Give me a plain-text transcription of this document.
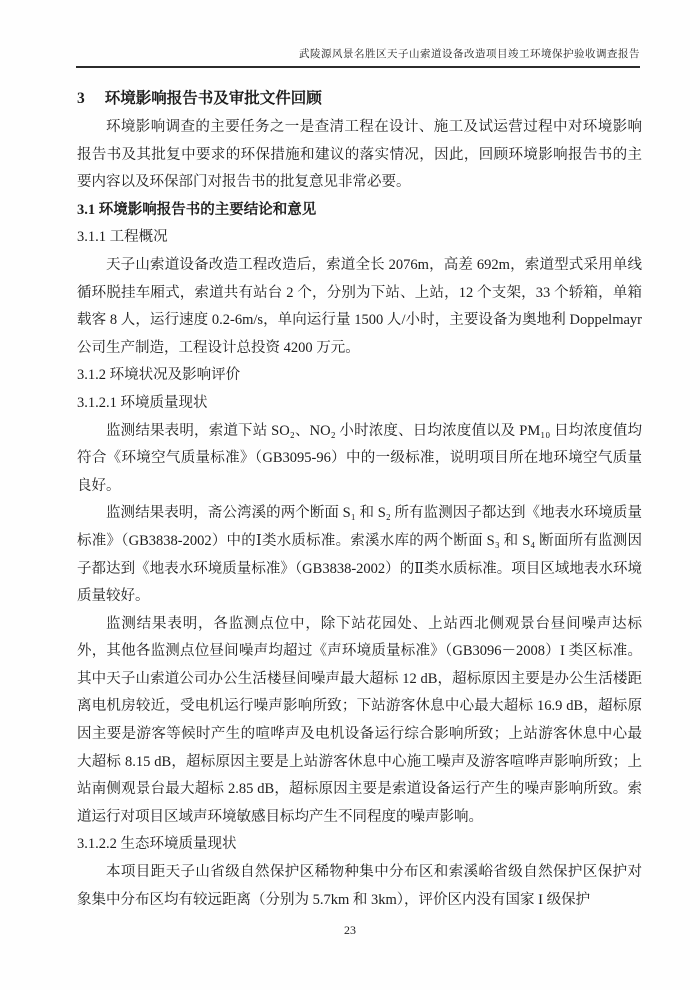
武陵源风景名胜区天子山索道设备改造项目竣工环境保护验收调查报告
3 环境影响报告书及审批文件回顾

环境影响调查的主要任务之一是查清工程在设计、施工及试运营过程中对环境影响报告书及其批复中要求的环保措施和建议的落实情况，因此，回顾环境影响报告书的主要内容以及环保部门对报告书的批复意见非常必要。

3.1 环境影响报告书的主要结论和意见
3.1.1 工程概况

天子山索道设备改造工程改造后，索道全长 2076m，高差 692m，索道型式采用单线循环脱挂车厢式，索道共有站台 2 个，分别为下站、上站，12 个支架，33 个轿箱，单箱载客 8 人，运行速度 0.2-6m/s，单向运行量 1500 人/小时，主要设备为奥地利 Doppelmayr 公司生产制造，工程设计总投资 4200 万元。

3.1.2 环境状况及影响评价
3.1.2.1 环境质量现状

监测结果表明，索道下站 SO₂、NO₂ 小时浓度、日均浓度值以及 PM₁₀ 日均浓度值均符合《环境空气质量标准》（GB3095-96）中的一级标准，说明项目所在地环境空气质量良好。

监测结果表明，斋公湾溪的两个断面 S₁ 和 S₂ 所有监测因子都达到《地表水环境质量标准》（GB3838-2002）中的Ⅰ类水质标准。索溪水库的两个断面 S₃ 和 S₄ 断面所有监测因子都达到《地表水环境质量标准》（GB3838-2002）的Ⅱ类水质标准。项目区域地表水环境质量较好。

监测结果表明，各监测点位中，除下站花园处、上站西北侧观景台昼间噪声达标外，其他各监测点位昼间噪声均超过《声环境质量标准》（GB3096－2008）I 类区标准。其中天子山索道公司办公生活楼昼间噪声最大超标 12 dB，超标原因主要是办公生活楼距离电机房较近，受电机运行噪声影响所致；下站游客休息中心最大超标 16.9 dB，超标原因主要是游客等候时产生的喧哗声及电机设备运行综合影响所致；上站游客休息中心最大超标 8.15 dB，超标原因主要是上站游客休息中心施工噪声及游客喧哗声影响所致；上站南侧观景台最大超标 2.85 dB，超标原因主要是索道设备运行产生的噪声影响所致。索道运行对项目区域声环境敏感目标均产生不同程度的噪声影响。

3.1.2.2 生态环境质量现状

本项目距天子山省级自然保护区稀物种集中分布区和索溪峪省级自然保护区保护对象集中分布区均有较远距离（分别为 5.7km 和 3km），评价区内没有国家 I 级保护

23
